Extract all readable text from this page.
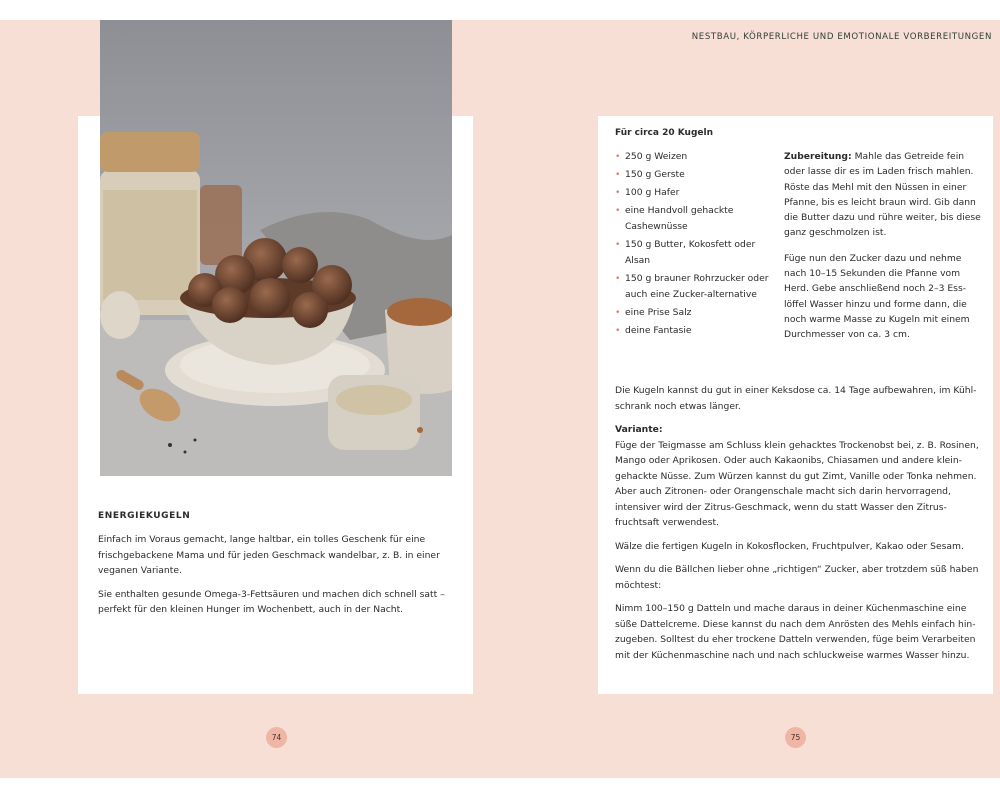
NESTBAU, KÖRPERLICHE UND EMOTIONALE VORBEREITUNGEN
ENERGIEKUGELN

Einfach im Voraus gemacht, lange haltbar, ein tolles Geschenk für eine frischgebackene Mama und für jeden Geschmack wandelbar, z. B. in einer veganen Variante.

Sie enthalten gesunde Omega-3-Fettsäuren und machen dich schnell satt – perfekt für den kleinen Hunger im Wochenbett, auch in der Nacht.

74	75
Für circa 20 Kugeln
• 250 g Weizen
• 150 g Gerste
• 100 g Hafer
• eine Handvoll gehackte Cashewnüsse
• 150 g Butter, Kokosfett oder Alsan
• 150 g brauner Rohrzucker oder auch eine Zucker-alternative
• eine Prise Salz
• deine Fantasie

Zubereitung: Mahle das Getreide fein oder lasse dir es im Laden frisch mahlen. Röste das Mehl mit den Nüssen in einer Pfanne, bis es leicht braun wird. Gib dann die Butter dazu und rühre weiter, bis diese ganz geschmolzen ist.

Füge nun den Zucker dazu und nehme nach 10–15 Sekunden die Pfanne vom Herd. Gebe anschließend noch 2–3 Ess-löffel Wasser hinzu und forme dann, die noch warme Masse zu Kugeln mit einem Durchmesser von ca. 3 cm.

Die Kugeln kannst du gut in einer Keksdose ca. 14 Tage aufbewahren, im Kühl-schrank noch etwas länger.

Variante:
Füge der Teigmasse am Schluss klein gehacktes Trockenobst bei, z. B. Rosinen, Mango oder Aprikosen. Oder auch Kakaonibs, Chiasamen und andere klein-gehackte Nüsse. Zum Würzen kannst du gut Zimt, Vanille oder Tonka nehmen. Aber auch Zitronen- oder Orangenschale macht sich darin hervorragend, intensiver wird der Zitrus-Geschmack, wenn du statt Wasser den Zitrus-fruchtsaft verwendest.

Wälze die fertigen Kugeln in Kokosflocken, Fruchtpulver, Kakao oder Sesam.

Wenn du die Bällchen lieber ohne „richtigen“ Zucker, aber trotzdem süß haben möchtest:

Nimm 100–150 g Datteln und mache daraus in deiner Küchenmaschine eine süße Dattelcreme. Diese kannst du nach dem Anrösten des Mehls einfach hin-zugeben. Solltest du eher trockene Datteln verwenden, füge beim Verarbeiten mit der Küchenmaschine nach und nach schluckweise warmes Wasser hinzu.
